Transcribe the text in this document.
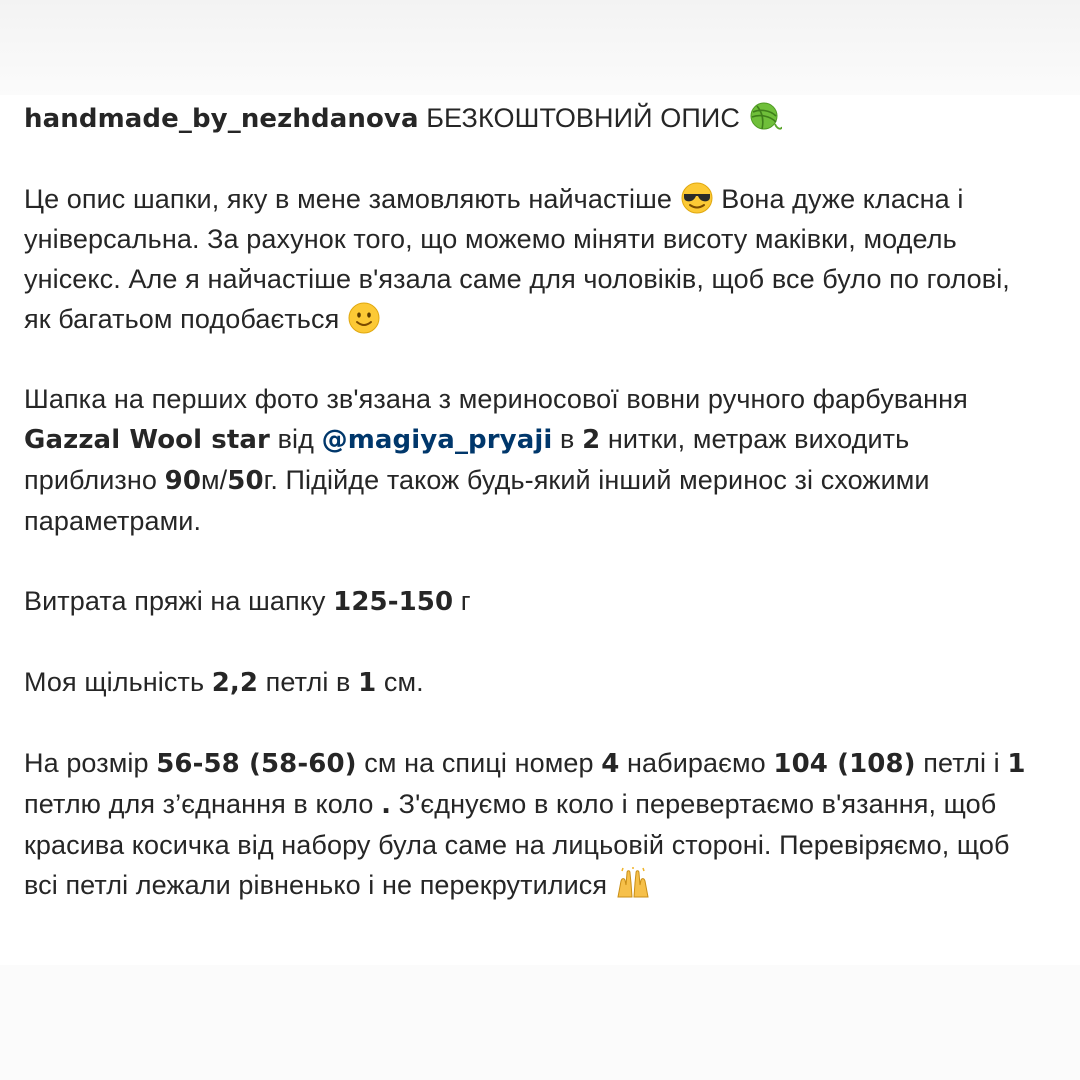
handmade_by_nezhdanova БЕЗКОШТОВНИЙ ОПИС

Це опис шапки, яку в мене замовляють найчастіше
Вона дуже класна і універсальна. За рахунок того, що можемо міняти висоту маківки, модель унісекс. Але я найчастіше в'язала саме для чоловіків, щоб все було по голові, як багатьом подобається

Шапка на перших фото зв'язана з мериносової вовни ручного фарбування Gazzal Wool star від @magiya_pryaji в 2 нитки, метраж виходить приблизно 90м/50г. Підійде також будь-який інший меринос зі схожими параметрами.

Витрата пряжі на шапку 125-150 г

Моя щільність 2,2 петлі в 1 см.

На розмір 56-58 (58-60) см на спиці номер 4 набираємо 104 (108) петлі і 1 петлю для з’єднання в коло . З'єднуємо в коло і перевертаємо в'язання, щоб красива косичка від набору була саме на лицьовій стороні. Перевіряємо, щоб всі петлі лежали рівненько і не перекрутилися
